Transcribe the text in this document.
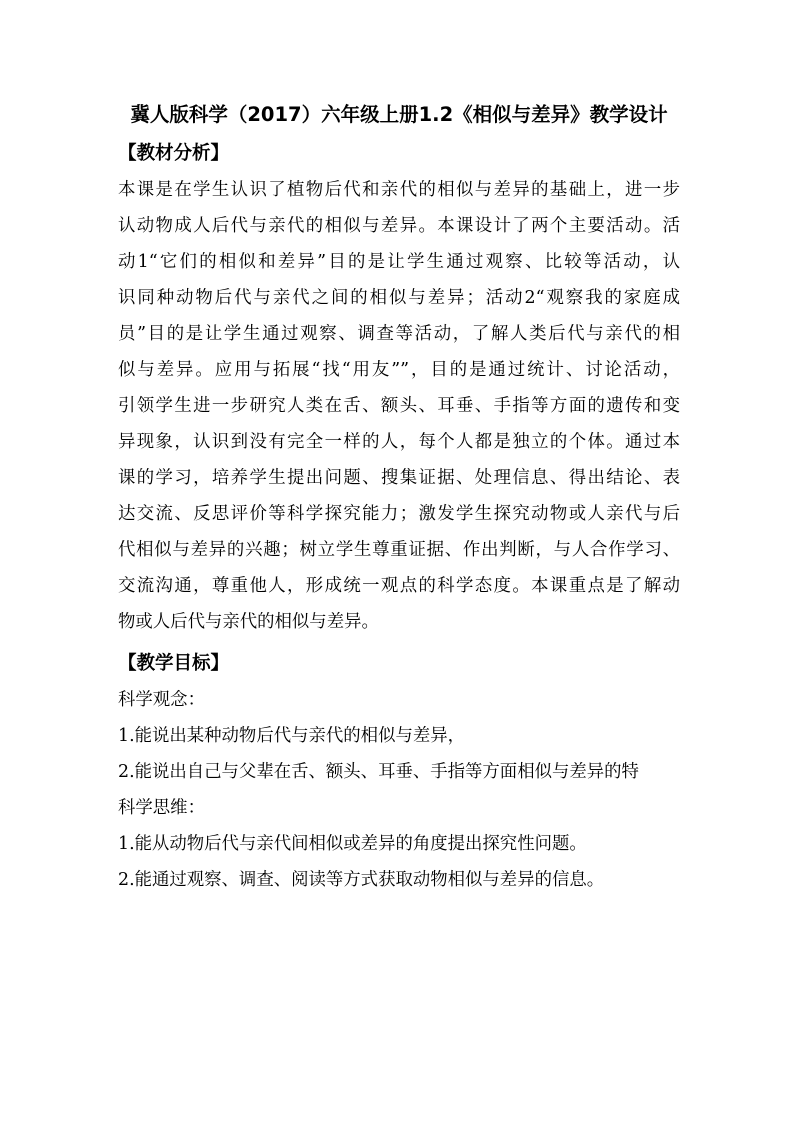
冀人版科学（2017）六年级上册1.2《相似与差异》教学设计
【教材分析】

本课是在学生认识了植物后代和亲代的相似与差异的基础上，进一步
认动物成人后代与亲代的相似与差异。本课设计了两个主要活动。活
动1“它们的相似和差异”目的是让学生通过观察、比较等活动，认
识同种动物后代与亲代之间的相似与差异；活动2“观察我的家庭成
员”目的是让学生通过观察、调查等活动，了解人类后代与亲代的相
似与差异。应用与拓展“找“用友””，目的是通过统计、讨论活动，
引领学生进一步研究人类在舌、额头、耳垂、手指等方面的遗传和变
异现象，认识到没有完全一样的人，每个人都是独立的个体。通过本
课的学习，培养学生提出问题、搜集证据、处理信息、得出结论、表
达交流、反思评价等科学探究能力；激发学生探究动物或人亲代与后
代相似与差异的兴趣；树立学生尊重证据、作出判断，与人合作学习、
交流沟通，尊重他人，形成统一观点的科学态度。本课重点是了解动
物或人后代与亲代的相似与差异。

【教学目标】

科学观念：

1.能说出某种动物后代与亲代的相似与差异，

2.能说出自己与父辈在舌、额头、耳垂、手指等方面相似与差异的特

科学思维：

1.能从动物后代与亲代间相似或差异的角度提出探究性问题。

2.能通过观察、调查、阅读等方式获取动物相似与差异的信息。
